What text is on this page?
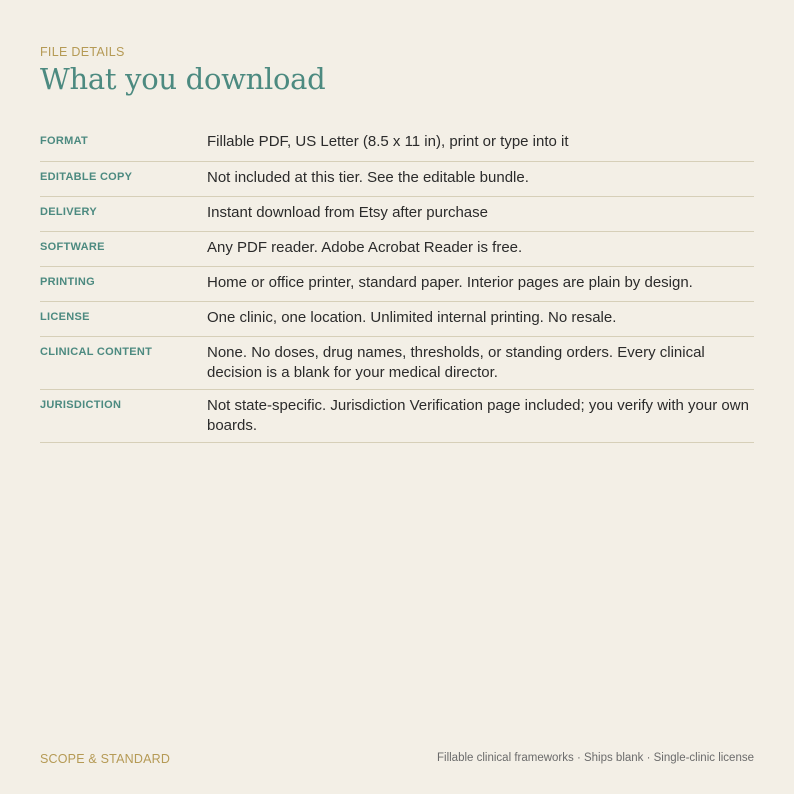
FILE DETAILS
What you download
FORMAT	Fillable PDF, US Letter (8.5 x 11 in), print or type into it
EDITABLE COPY	Not included at this tier. See the editable bundle.
DELIVERY	Instant download from Etsy after purchase
SOFTWARE	Any PDF reader. Adobe Acrobat Reader is free.
PRINTING	Home or office printer, standard paper. Interior pages are plain by design.
LICENSE	One clinic, one location. Unlimited internal printing. No resale.
CLINICAL CONTENT	None. No doses, drug names, thresholds, or standing orders. Every clinical decision is a blank for your medical director.
JURISDICTION	Not state-specific. Jurisdiction Verification page included; you verify with your own boards.
SCOPE & STANDARD	Fillable clinical frameworks · Ships blank · Single-clinic license
